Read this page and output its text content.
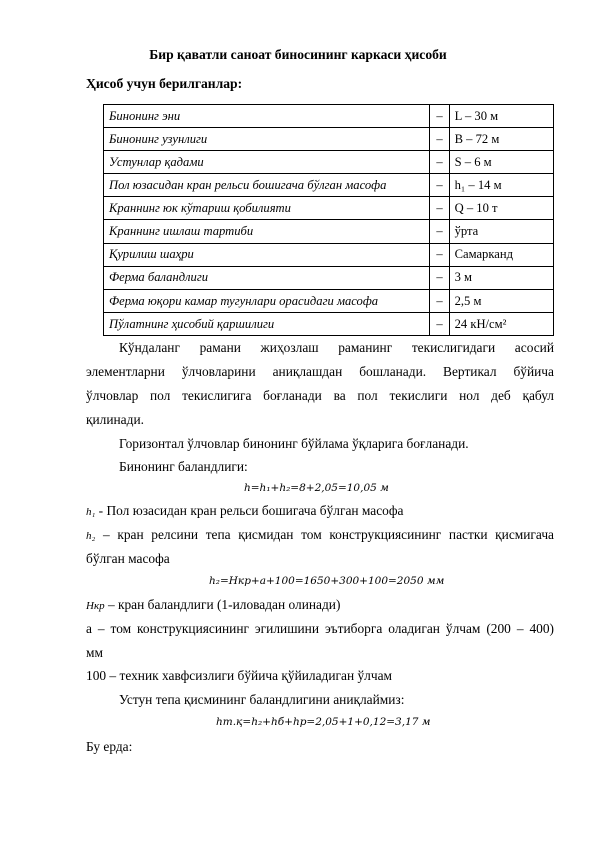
Бир қаватли саноат биносининг каркаси ҳисоби
Ҳисоб учун берилганлар:
Бинонинг эни	–	L – 30 м
Бинонинг узунлиги	–	B – 72 м
Устунлар қадами	–	S – 6 м
Пол юзасидан кран рельси бошигача бўлган масофа	–	h₁ – 14 м
Краннинг юк кўтариш қобилияти	–	Q – 10 т
Краннинг ишлаш тартиби	–	ўрта
Қурилиш шаҳри	–	Самарканд
Ферма баландлиги	–	3 м
Ферма юқори камар тугунлари орасидаги масофа	–	2,5 м
Пўлатнинг ҳисобий қаршилиги	–	24 кН/см²
Кўндаланг рамани жиҳозлаш раманинг текислигидаги асосий
элементларни ўлчовларини аниқлашдан бошланади. Вертикал бўйича
ўлчовлар пол текислигига боғланади ва пол текислиги нол деб қабул
қилинади.
Горизонтал ўлчовлар бинонинг бўйлама ўқларига боғланади.
Бинонинг баландлиги:
h=h₁+h₂=8+2,05=10,05 м
h₁ - Пол юзасидан кран рельси бошигача бўлган масофа
h₂ – кран релсини тепа қисмидан том конструкциясининг пастки қисмигача
бўлган масофа
h₂=Hкр+a+100=1650+300+100=2050 мм
Hкр – кран баландлиги (1-иловадан олинади)
a – том конструкциясининг эгилишини эътиборга оладиган ўлчам (200 – 400)
мм
100 – техник хавфсизлиги бўйича қўйиладиган ўлчам
Устун тепа қисмининг баландлигини аниқлаймиз:
hт.қ=h₂+hб+hр=2,05+1+0,12=3,17 м
Бу ерда:
